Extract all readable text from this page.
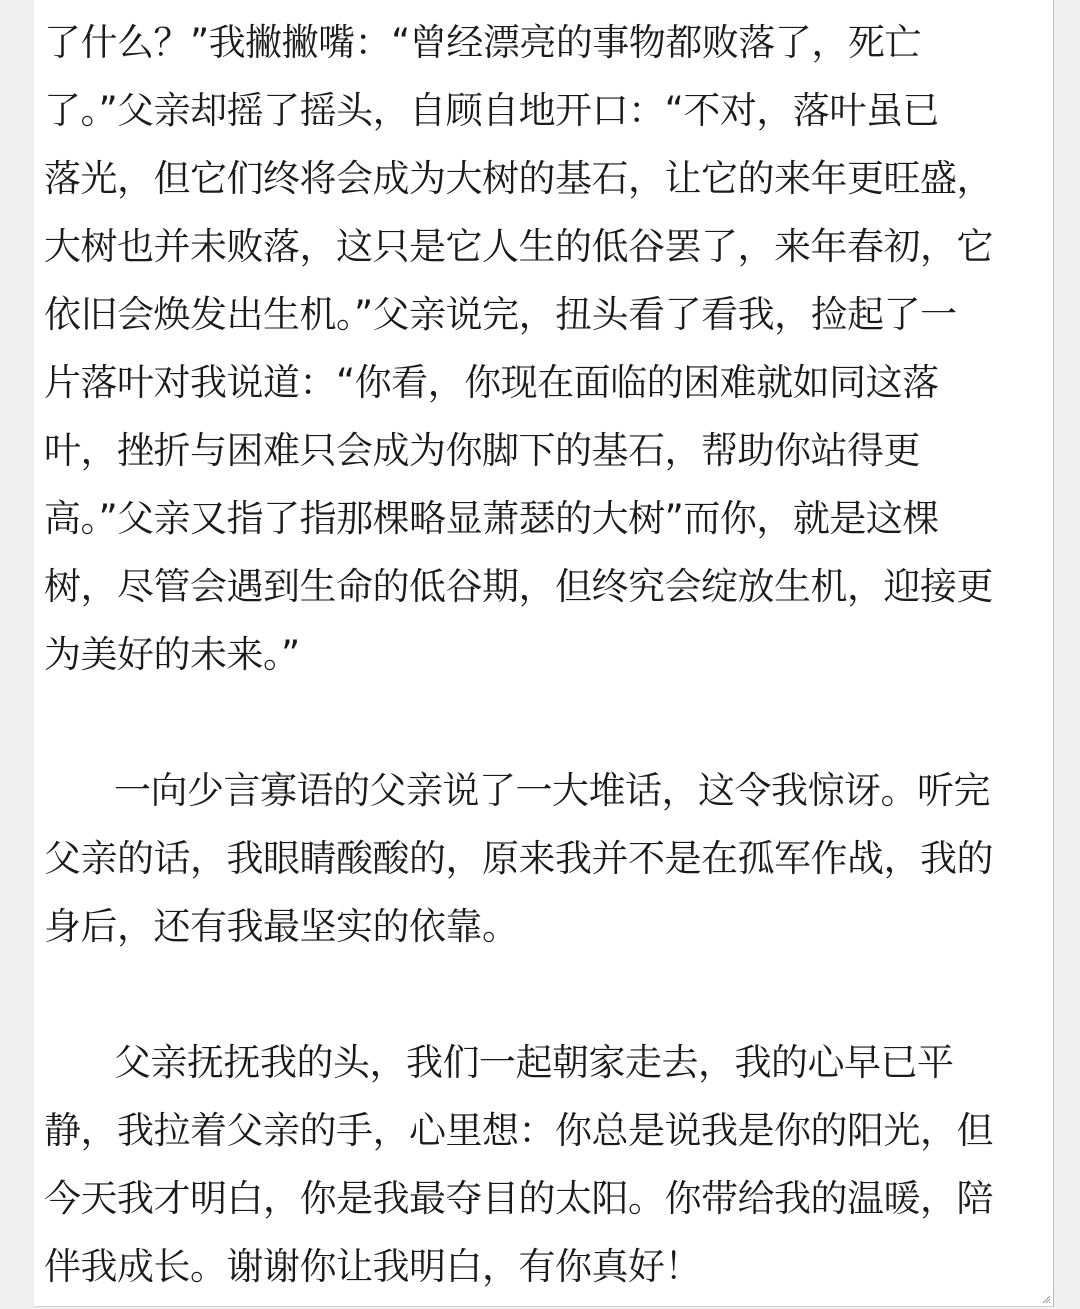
了什么？”我撇撇嘴：“曾经漂亮的事物都败落了，死亡
了。”父亲却摇了摇头，自顾自地开口：“不对，落叶虽已
落光，但它们终将会成为大树的基石，让它的来年更旺盛，
大树也并未败落，这只是它人生的低谷罢了，来年春初，它
依旧会焕发出生机。”父亲说完，扭头看了看我，捡起了一
片落叶对我说道：“你看，你现在面临的困难就如同这落
叶，挫折与困难只会成为你脚下的基石，帮助你站得更
高。”父亲又指了指那棵略显萧瑟的大树”而你，就是这棵
树，尽管会遇到生命的低谷期，但终究会绽放生机，迎接更
为美好的未来。”
一向少言寡语的父亲说了一大堆话，这令我惊讶。听完
父亲的话，我眼睛酸酸的，原来我并不是在孤军作战，我的
身后，还有我最坚实的依靠。
父亲抚抚我的头，我们一起朝家走去，我的心早已平
静，我拉着父亲的手，心里想：你总是说我是你的阳光，但
今天我才明白，你是我最夺目的太阳。你带给我的温暖，陪
伴我成长。谢谢你让我明白，有你真好！
